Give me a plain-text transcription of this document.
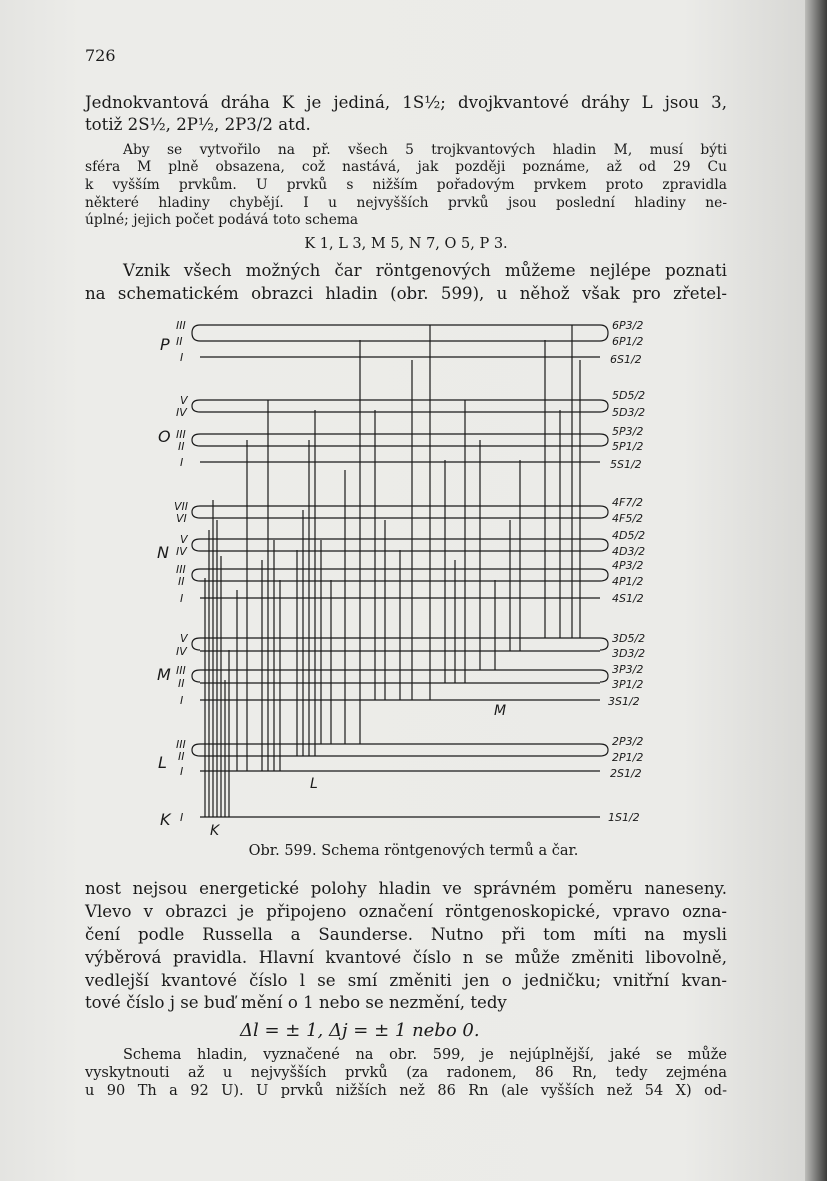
726

Jednokvantová dráha K je jediná, 1S½; dvojkvantové dráhy L jsou 3,

totiž 2S½, 2P½, 2P3/2 atd.

Aby se vytvořilo na př. všech 5 trojkvantových hladin M, musí býti

sféra M plně obsazena, což nastává, jak později poznáme, až od 29 Cu

k vyšším prvkům. U prvků s nižším pořadovým prvkem proto zpravidla

některé hladiny chybějí. I u nejvyšších prvků jsou poslední hladiny ne-

úplné; jejich počet podává toto schema

K 1, L 3, M 5, N 7, O 5, P 3.

Vznik všech možných čar röntgenových můžeme nejlépe poznati

na schematickém obrazci hladin (obr. 599), u něhož však pro zřetel-

P
O
N
M
L
K
M
L
K
III
II
I
V
IV
III
II
I
VII
VI
V
IV
III
II
I
V
IV
III
II
I
III
II
I
I
6P3/2
6P1/2
6S1/2
5D5/2
5D3/2
5P3/2
5P1/2
5S1/2
4F7/2
4F5/2
4D5/2
4D3/2
4P3/2
4P1/2
4S1/2
3D5/2
3D3/2
3P3/2
3P1/2
3S1/2
2P3/2
2P1/2
2S1/2
1S1/2
Obr. 599. Schema röntgenových termů a čar.

nost nejsou energetické polohy hladin ve správném poměru naneseny.

Vlevo v obrazci je připojeno označení röntgenoskopické, vpravo ozna-

čení podle Russella a Saunderse. Nutno při tom míti na mysli

výběrová pravidla. Hlavní kvantové číslo n se může změniti libovolně,

vedlejší kvantové číslo l se smí změniti jen o jedničku; vnitřní kvan-

tové číslo j se buď mění o 1 nebo se nezmění, tedy

Δl = ± 1, Δj = ± 1 nebo 0.

Schema hladin, vyznačené na obr. 599, je nejúplnější, jaké se může

vyskytnouti až u nejvyšších prvků (za radonem, 86 Rn, tedy zejména

u 90 Th a 92 U). U prvků nižších než 86 Rn (ale vyšších než 54 X) od-
